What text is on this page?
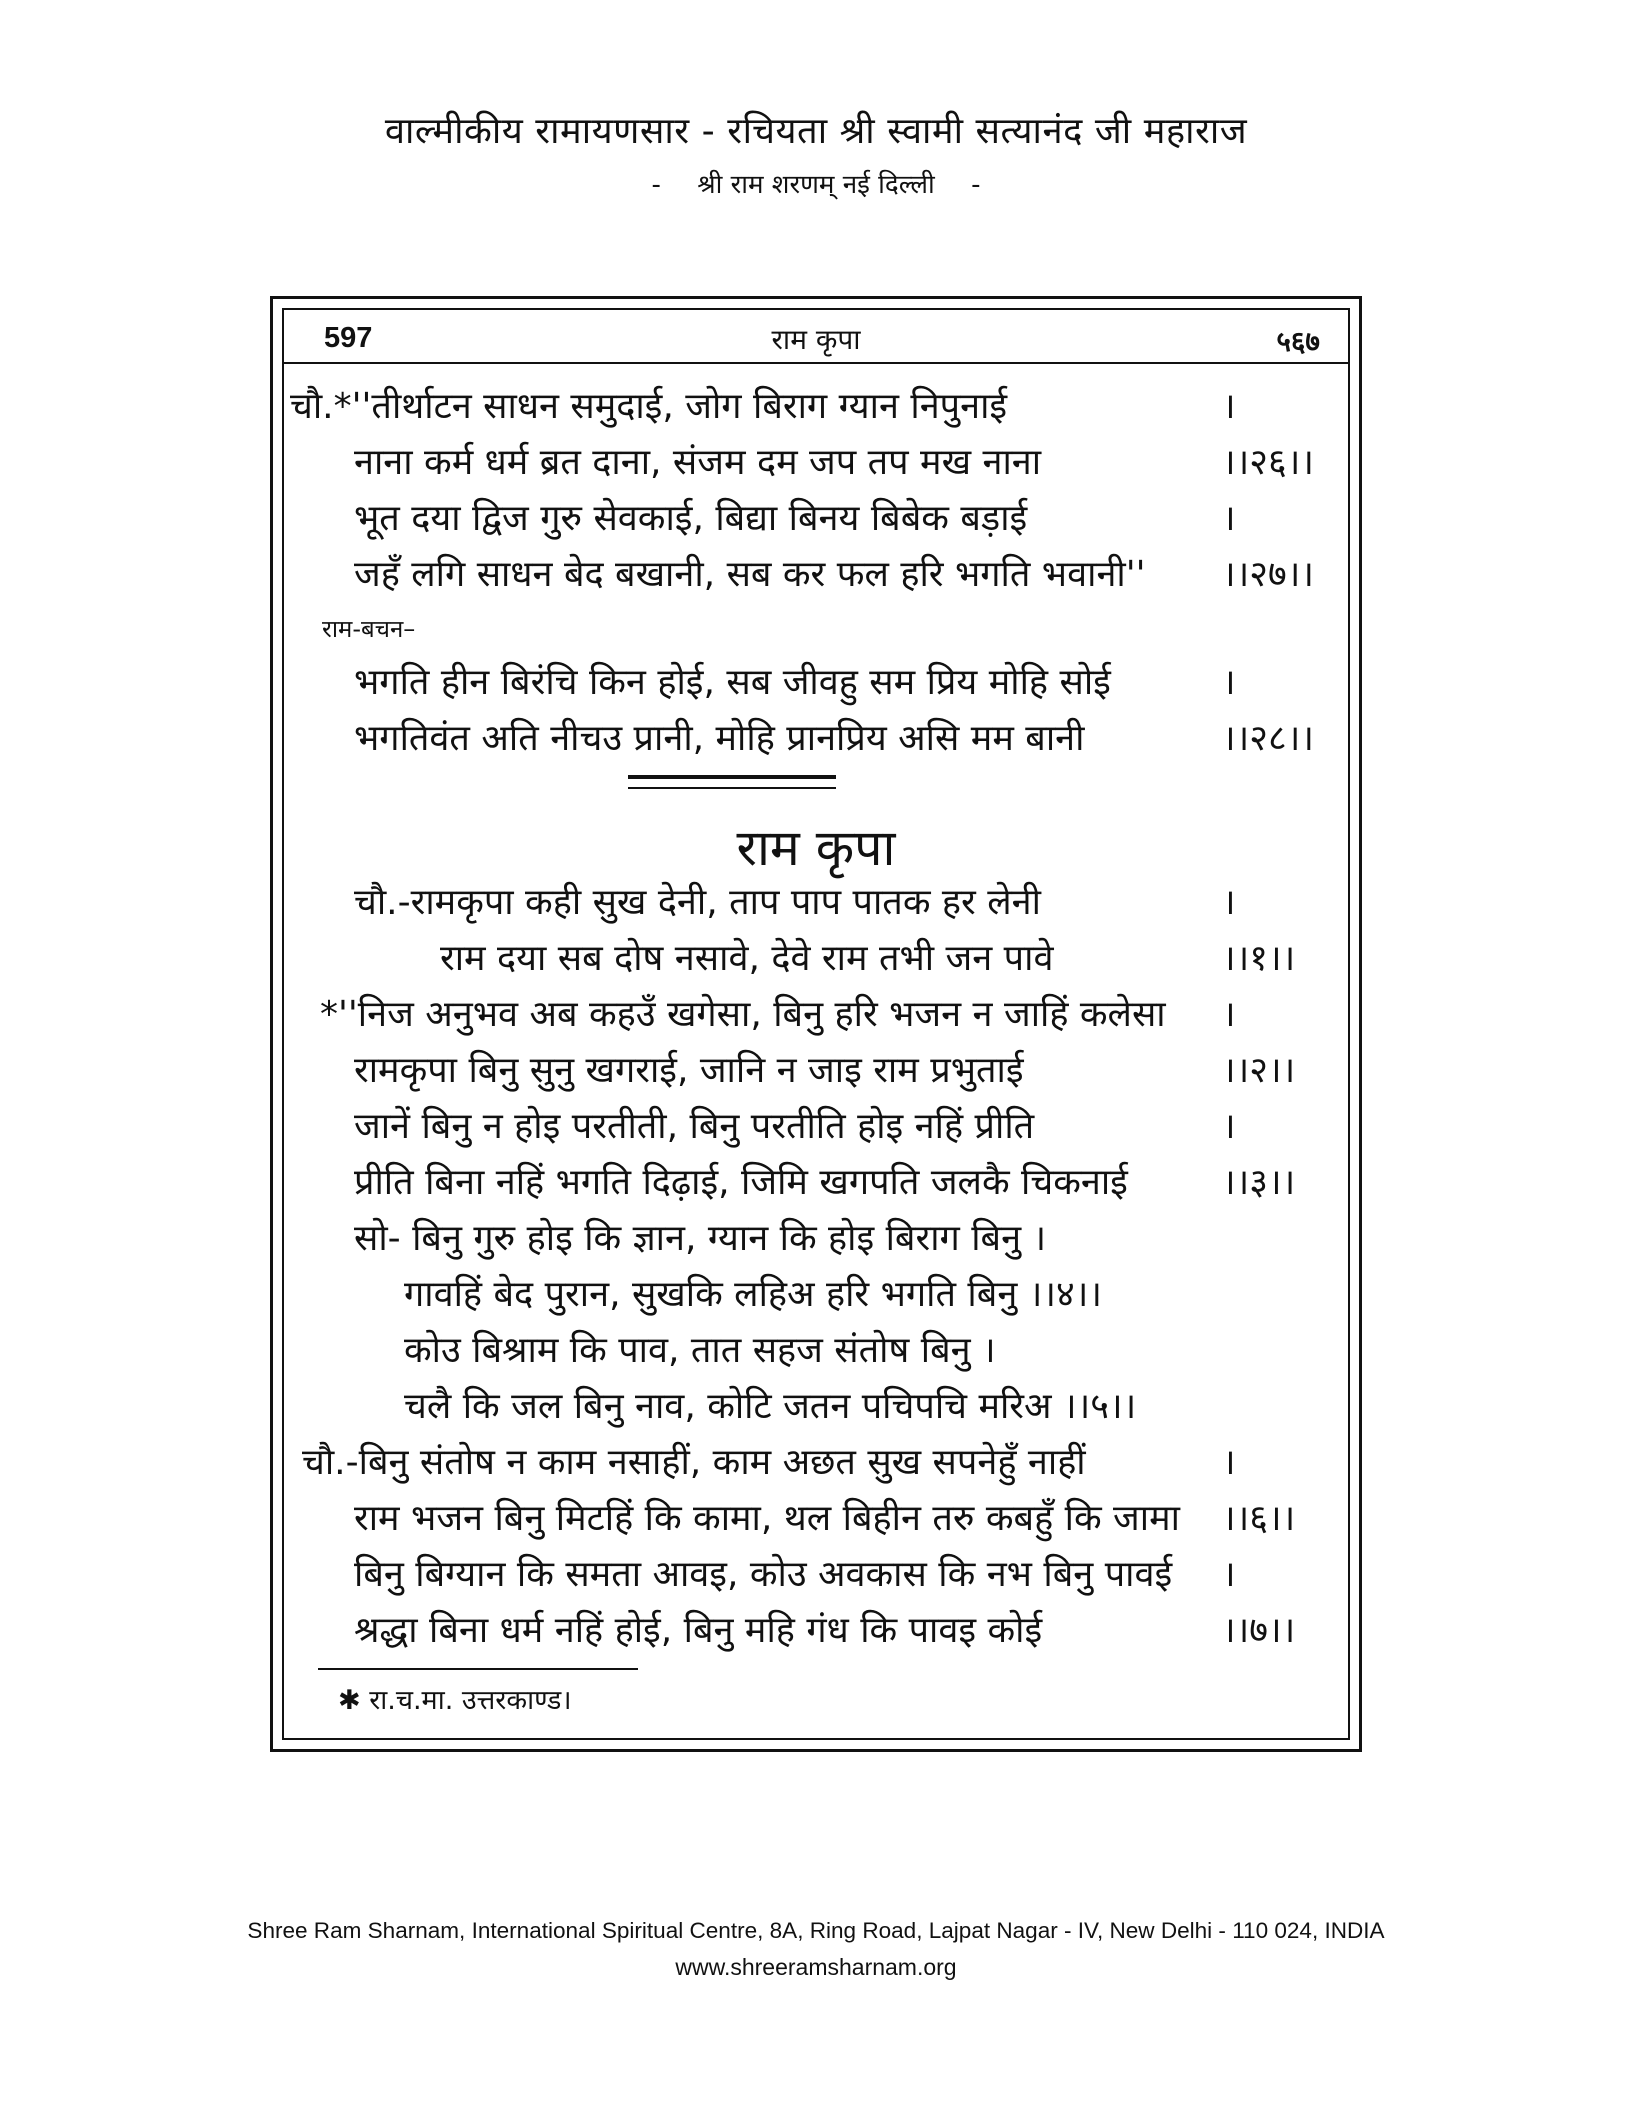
वाल्मीकीय रामायणसार - रचियता श्री स्वामी सत्यानंद जी महाराज
- श्री राम शरणम् नई दिल्ली -
597	राम कृपा	५६७
चौ.*''तीर्थाटन साधन समुदाई, जोग बिराग ग्यान निपुनाई	।
नाना कर्म धर्म ब्रत दाना, संजम दम जप तप मख नाना	।।२६।।
भूत दया द्विज गुरु सेवकाई, बिद्या बिनय बिबेक बड़ाई	।
जहँ लगि साधन बेद बखानी, सब कर फल हरि भगति भवानी'' ।।२७।।
राम-बचन–
भगति हीन बिरंचि किन होई, सब जीवहु सम प्रिय मोहि सोई	।
भगतिवंत अति नीचउ प्रानी, मोहि प्रानप्रिय असि मम बानी	।।२८।।
राम कृपा
चौ.-रामकृपा कही सुख देनी, ताप पाप पातक हर लेनी	।
राम दया सब दोष नसावे, देवे राम तभी जन पावे	।।१।।
*''निज अनुभव अब कहउँ खगेसा, बिनु हरि भजन न जाहिं कलेसा ।
रामकृपा बिनु सुनु खगराई, जानि न जाइ राम प्रभुताई	।।२।।
जानें बिनु न होइ परतीती, बिनु परतीति होइ नहिं प्रीति	।
प्रीति बिना नहिं भगति दिढ़ाई, जिमि खगपति जलकै चिकनाई	।।३।।
सो- बिनु गुरु होइ कि ज्ञान, ग्यान कि होइ बिराग बिनु ।
गावहिं बेद पुरान, सुखकि लहिअ हरि भगति बिनु ।।४।।
कोउ बिश्राम कि पाव, तात सहज संतोष बिनु ।
चलै कि जल बिनु नाव, कोटि जतन पचिपचि मरिअ ।।५।।
चौ.-बिनु संतोष न काम नसाहीं, काम अछत सुख सपनेहुँ नाहीं	।
राम भजन बिनु मिटहिं कि कामा, थल बिहीन तरु कबहुँ कि जामा ।।६।।
बिनु बिग्यान कि समता आवइ, कोउ अवकास कि नभ बिनु पावई ।
श्रद्धा बिना धर्म नहिं होई, बिनु महि गंध कि पावइ कोई	।।७।।
✱ रा.च.मा. उत्तरकाण्ड।
Shree Ram Sharnam, International Spiritual Centre, 8A, Ring Road, Lajpat Nagar - IV, New Delhi - 110 024, INDIA
www.shreeramsharnam.org
